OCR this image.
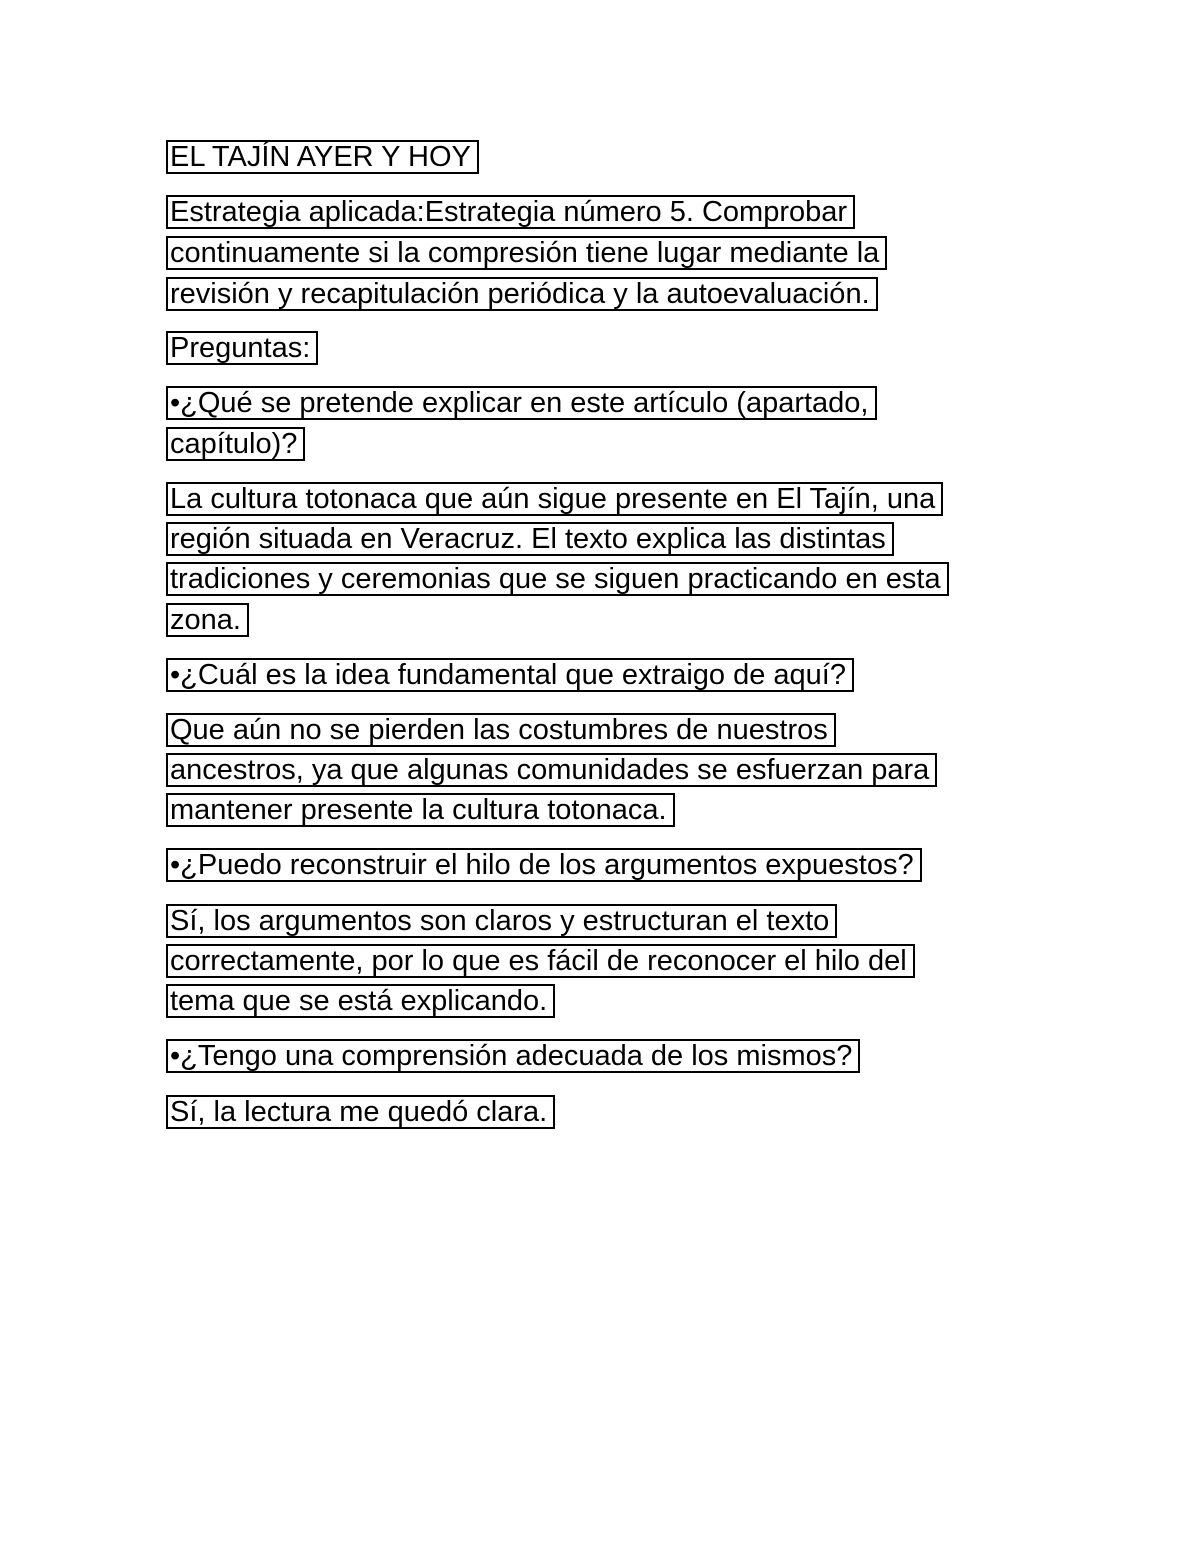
EL TAJÍN AYER Y HOY
Estrategia aplicada:Estrategia número 5. Comprobar
continuamente si la compresión tiene lugar mediante la
revisión y recapitulación periódica y la autoevaluación.
Preguntas:
•¿Qué se pretende explicar en este artículo (apartado,
capítulo)?
La cultura totonaca que aún sigue presente en El Tajín, una
región situada en Veracruz. El texto explica las distintas
tradiciones y ceremonias que se siguen practicando en esta
zona.
•¿Cuál es la idea fundamental que extraigo de aquí?
Que aún no se pierden las costumbres de nuestros
ancestros, ya que algunas comunidades se esfuerzan para
mantener presente la cultura totonaca.
•¿Puedo reconstruir el hilo de los argumentos expuestos?
Sí, los argumentos son claros y estructuran el texto
correctamente, por lo que es fácil de reconocer el hilo del
tema que se está explicando.
•¿Tengo una comprensión adecuada de los mismos?
Sí, la lectura me quedó clara.
